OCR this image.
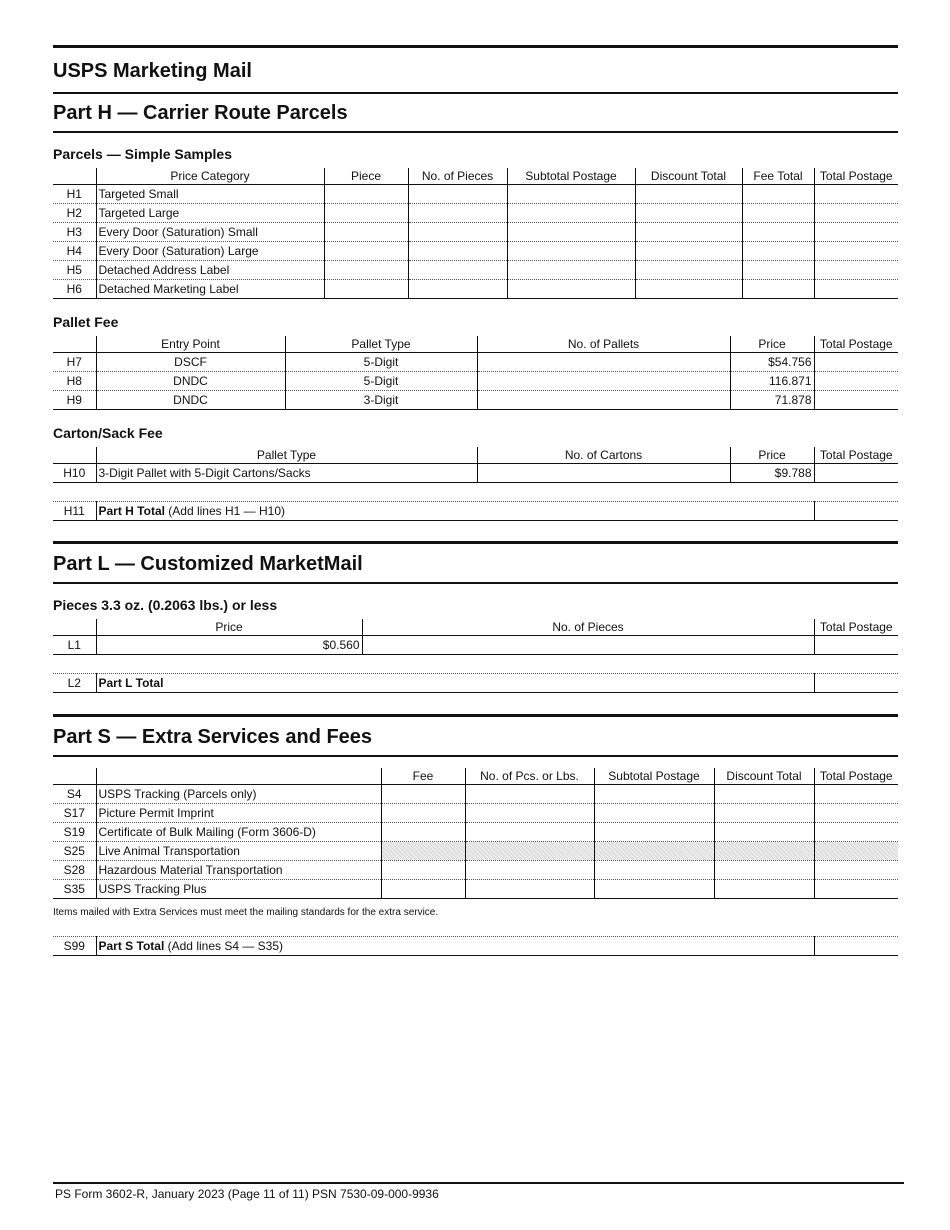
USPS Marketing Mail
Part H — Carrier Route Parcels
Parcels — Simple Samples
	Price Category	Piece	No. of Pieces	Subtotal Postage	Discount Total	Fee Total	Total Postage
H1	Targeted Small						
H2	Targeted Large						
H3	Every Door (Saturation) Small						
H4	Every Door (Saturation) Large						
H5	Detached Address Label						
H6	Detached Marketing Label						
Pallet Fee
	Entry Point	Pallet Type	No. of Pallets	Price	Total Postage
H7	DSCF	5-Digit		$54.756	
H8	DNDC	5-Digit		116.871	
H9	DNDC	3-Digit		71.878	
Carton/Sack Fee
	Pallet Type	No. of Cartons	Price	Total Postage
H10	3-Digit Pallet with 5-Digit Cartons/Sacks		$9.788	
H11	Part H Total (Add lines H1 — H10)	
Part L — Customized MarketMail
Pieces 3.3 oz. (0.2063 lbs.) or less
	Price	No. of Pieces	Total Postage
L1	$0.560		
L2	Part L Total	
Part S — Extra Services and Fees
		Fee	No. of Pcs. or Lbs.	Subtotal Postage	Discount Total	Total Postage
S4	USPS Tracking (Parcels only)					
S17	Picture Permit Imprint					
S19	Certificate of Bulk Mailing (Form 3606-D)					
S25	Live Animal Transportation					
S28	Hazardous Material Transportation					
S35	USPS Tracking Plus					
Items mailed with Extra Services must meet the mailing standards for the extra service.
S99	Part S Total (Add lines S4 — S35)	
PS Form 3602-R, January 2023 (Page 11 of 11) PSN 7530-09-000-9936
